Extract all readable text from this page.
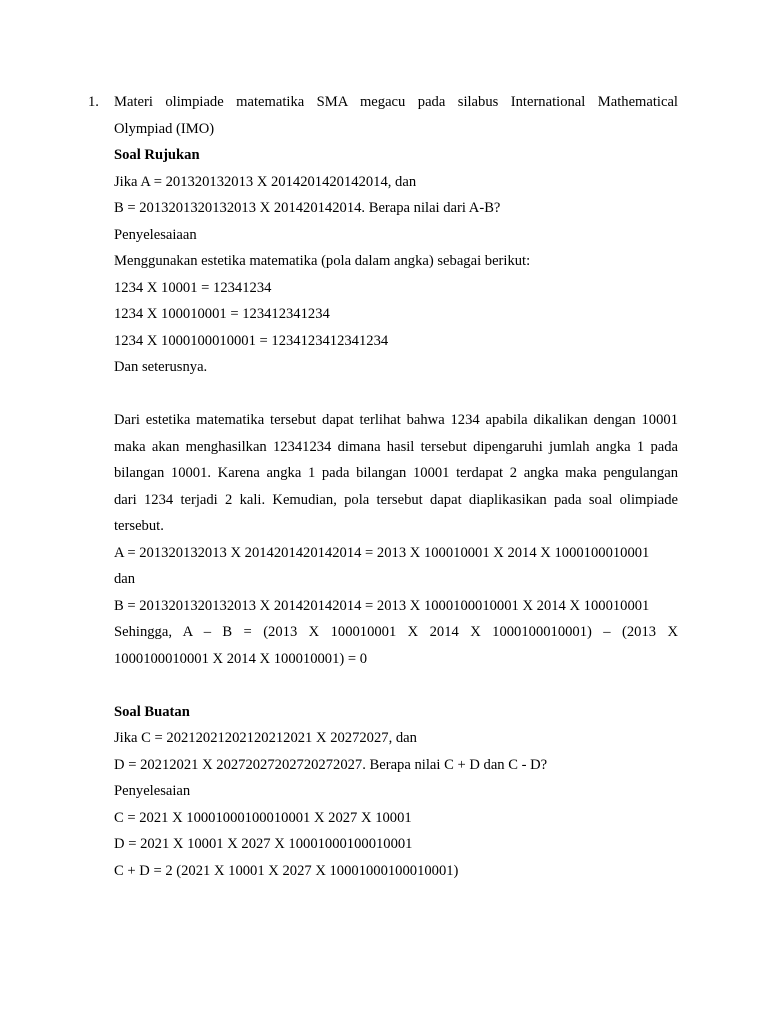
1. Materi olimpiade matematika SMA megacu pada silabus International Mathematical

Olympiad (IMO)

Soal Rujukan

Jika A = 201320132013 X 2014201420142014, dan

B = 2013201320132013 X 201420142014. Berapa nilai dari A-B?

Penyelesaiaan

Menggunakan estetika matematika (pola dalam angka) sebagai berikut:

1234 X 10001 = 12341234

1234 X 100010001 = 123412341234

1234 X 1000100010001 = 1234123412341234

Dan seterusnya.

Dari estetika matematika tersebut dapat terlihat bahwa 1234 apabila dikalikan dengan 10001

maka akan menghasilkan 12341234 dimana hasil tersebut dipengaruhi jumlah angka 1 pada

bilangan 10001. Karena angka 1 pada bilangan 10001 terdapat 2 angka maka pengulangan

dari 1234 terjadi 2 kali. Kemudian, pola tersebut dapat diaplikasikan pada soal olimpiade

tersebut.

A = 201320132013 X 2014201420142014 = 2013 X 100010001 X 2014 X 1000100010001

dan

B = 2013201320132013 X 201420142014 = 2013 X 1000100010001 X 2014 X 100010001

Sehingga, A – B = (2013 X 100010001 X 2014 X 1000100010001) – (2013 X

1000100010001 X 2014 X 100010001) = 0

Soal Buatan

Jika C = 20212021202120212021 X 20272027, dan

D = 20212021 X 20272027202720272027. Berapa nilai C + D dan C - D?

Penyelesaian

C = 2021 X 10001000100010001 X 2027 X 10001

D = 2021 X 10001 X 2027 X 10001000100010001

C + D = 2 (2021 X 10001 X 2027 X 10001000100010001)
